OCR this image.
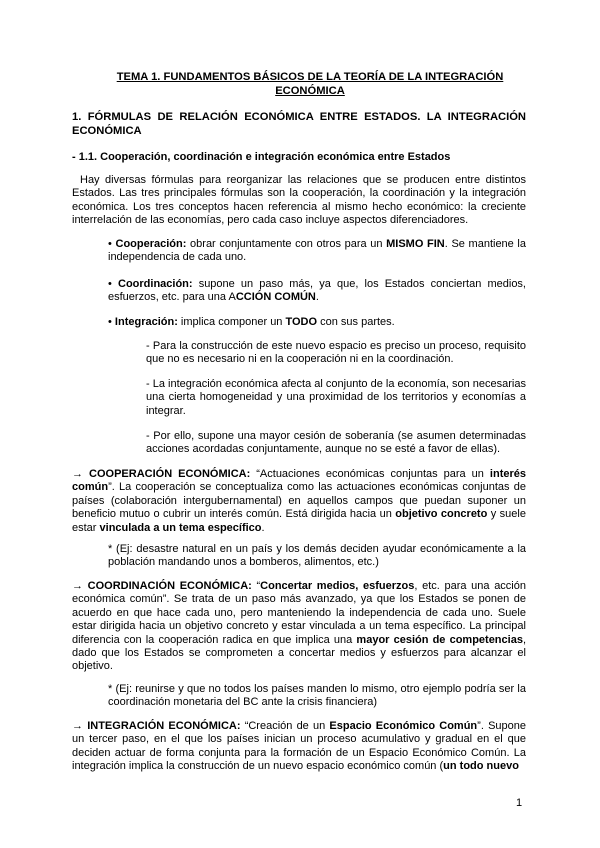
TEMA 1. FUNDAMENTOS BÁSICOS DE LA TEORÍA DE LA INTEGRACIÓN
ECONÓMICA
1. FÓRMULAS DE RELACIÓN ECONÓMICA ENTRE ESTADOS. LA INTEGRACIÓN ECONÓMICA
- 1.1. Cooperación, coordinación e integración económica entre Estados
Hay diversas fórmulas para reorganizar las relaciones que se producen entre distintos Estados. Las tres principales fórmulas son la cooperación, la coordinación y la integración económica. Los tres conceptos hacen referencia al mismo hecho económico: la creciente interrelación de las economías, pero cada caso incluye aspectos diferenciadores.
• Cooperación: obrar conjuntamente con otros para un MISMO FIN. Se mantiene la independencia de cada uno.
• Coordinación: supone un paso más, ya que, los Estados conciertan medios, esfuerzos, etc. para una ACCIÓN COMÚN.
• Integración: implica componer un TODO con sus partes.
- Para la construcción de este nuevo espacio es preciso un proceso, requisito que no es necesario ni en la cooperación ni en la coordinación.
- La integración económica afecta al conjunto de la economía, son necesarias una cierta homogeneidad y una proximidad de los territorios y economías a integrar.
- Por ello, supone una mayor cesión de soberanía (se asumen determinadas acciones acordadas conjuntamente, aunque no se esté a favor de ellas).
→ COOPERACIÓN ECONÓMICA: “Actuaciones económicas conjuntas para un interés común”. La cooperación se conceptualiza como las actuaciones económicas conjuntas de países (colaboración intergubernamental) en aquellos campos que puedan suponer un beneficio mutuo o cubrir un interés común. Está dirigida hacia un objetivo concreto y suele estar vinculada a un tema específico.
* (Ej: desastre natural en un país y los demás deciden ayudar económicamente a la población mandando unos a bomberos, alimentos, etc.)
→ COORDINACIÓN ECONÓMICA: “Concertar medios, esfuerzos, etc. para una acción económica común”. Se trata de un paso más avanzado, ya que los Estados se ponen de acuerdo en que hace cada uno, pero manteniendo la independencia de cada uno. Suele estar dirigida hacia un objetivo concreto y estar vinculada a un tema específico. La principal diferencia con la cooperación radica en que implica una mayor cesión de competencias, dado que los Estados se comprometen a concertar medios y esfuerzos para alcanzar el objetivo.
* (Ej: reunirse y que no todos los países manden lo mismo, otro ejemplo podría ser la coordinación monetaria del BC ante la crisis financiera)
→ INTEGRACIÓN ECONÓMICA: “Creación de un Espacio Económico Común”. Supone un tercer paso, en el que los países inician un proceso acumulativo y gradual en el que deciden actuar de forma conjunta para la formación de un Espacio Económico Común. La integración implica la construcción de un nuevo espacio económico común (un todo nuevo
1
